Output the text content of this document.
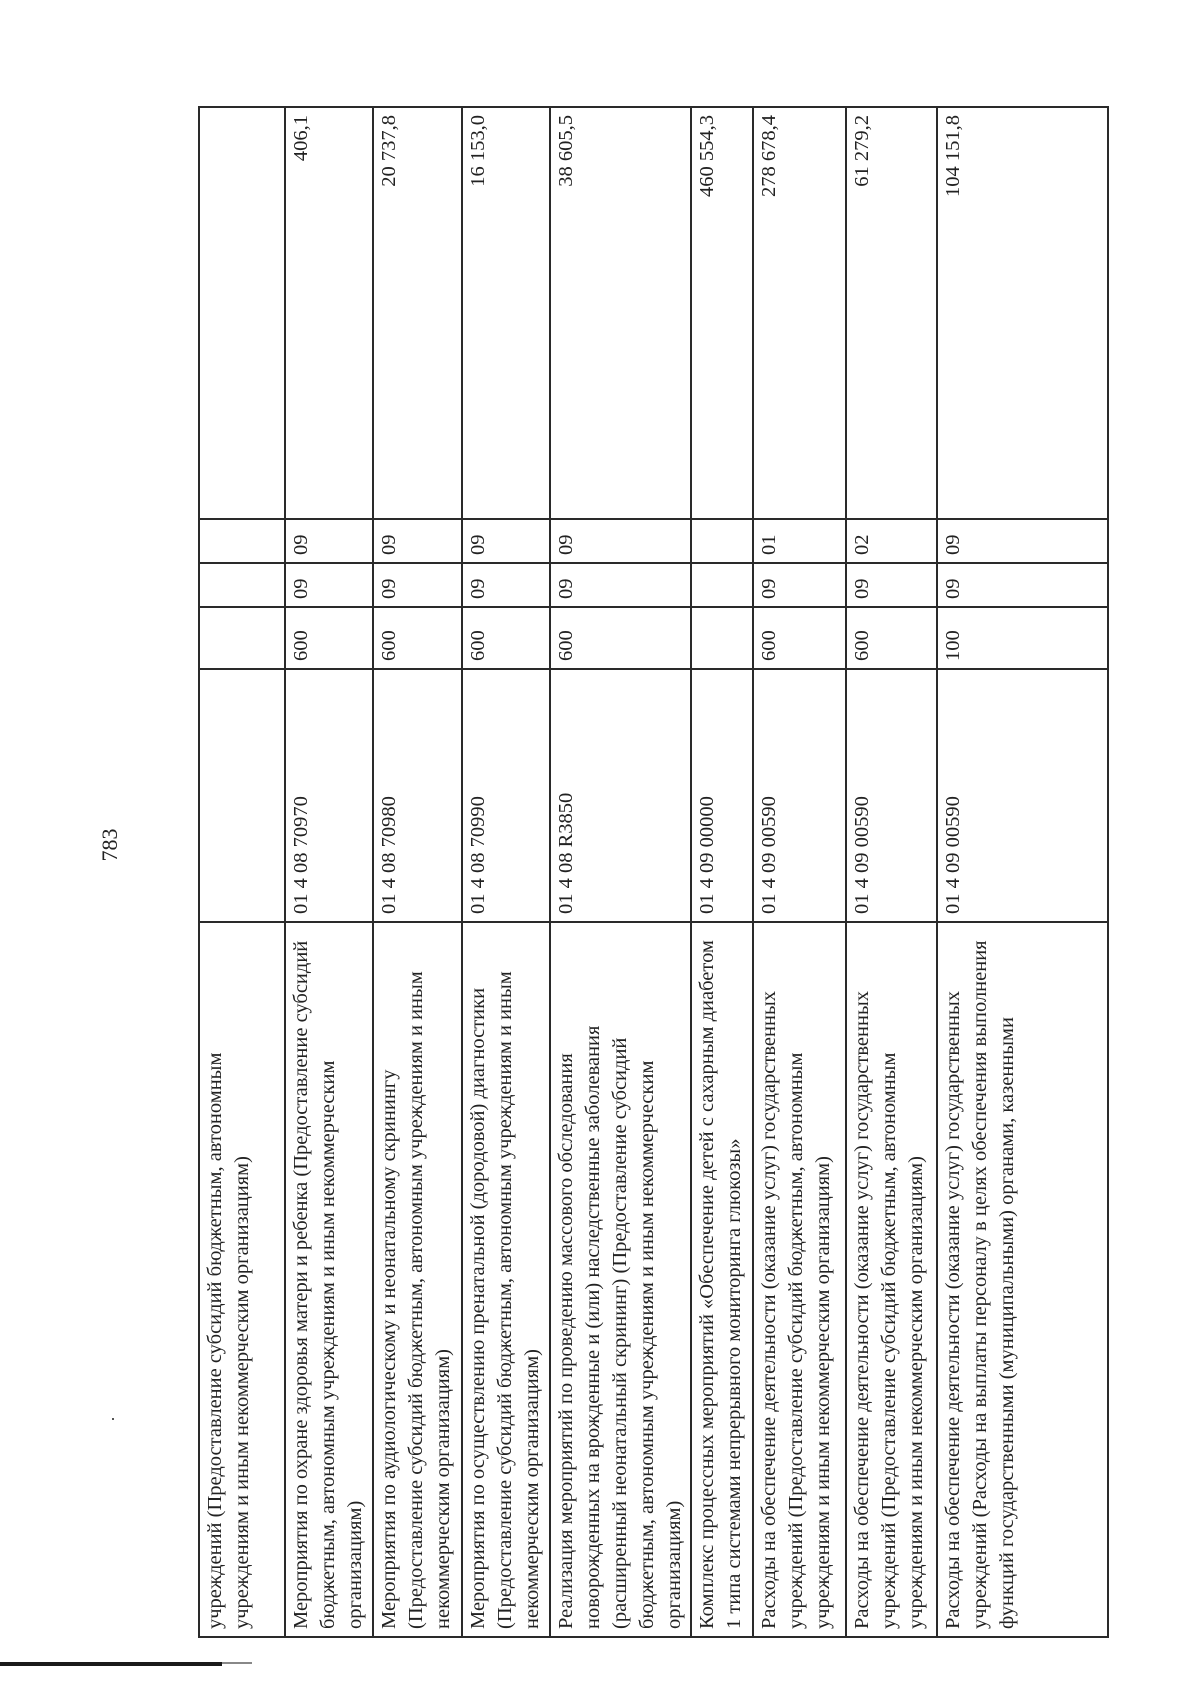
783
учреждений (Предоставление субсидий бюджетным, автономным учреждениям и иным некоммерческим организациям)					
Мероприятия по охране здоровья матери и ребенка (Предоставление субсидий бюджетным, автономным учреждениям и иным некоммерческим организациям)	01 4 08 70970	600	09	09	406,1
Мероприятия по аудиологическому и неонатальному скринингу (Предоставление субсидий бюджетным, автономным учреждениям и иным некоммерческим организациям)	01 4 08 70980	600	09	09	20 737,8
Мероприятия по осуществлению пренатальной (дородовой) диагностики (Предоставление субсидий бюджетным, автономным учреждениям и иным некоммерческим организациям)	01 4 08 70990	600	09	09	16 153,0
Реализация мероприятий по проведению массового обследования новорожденных на врожденные и (или) наследственные заболевания (расширенный неонатальный скрининг) (Предоставление субсидий бюджетным, автономным учреждениям и иным некоммерческим организациям)	01 4 08 R3850	600	09	09	38 605,5
Комплекс процессных мероприятий «Обеспечение детей с сахарным диабетом 1 типа системами непрерывного мониторинга глюкозы»	01 4 09 00000				460 554,3
Расходы на обеспечение деятельности (оказание услуг) государственных учреждений (Предоставление субсидий бюджетным, автономным учреждениям и иным некоммерческим организациям)	01 4 09 00590	600	09	01	278 678,4
Расходы на обеспечение деятельности (оказание услуг) государственных учреждений (Предоставление субсидий бюджетным, автономным учреждениям и иным некоммерческим организациям)	01 4 09 00590	600	09	02	61 279,2
Расходы на обеспечение деятельности (оказание услуг) государственных учреждений (Расходы на выплаты персоналу в целях обеспечения выполнения функций государственными (муниципальными) органами, казенными	01 4 09 00590	100	09	09	104 151,8
